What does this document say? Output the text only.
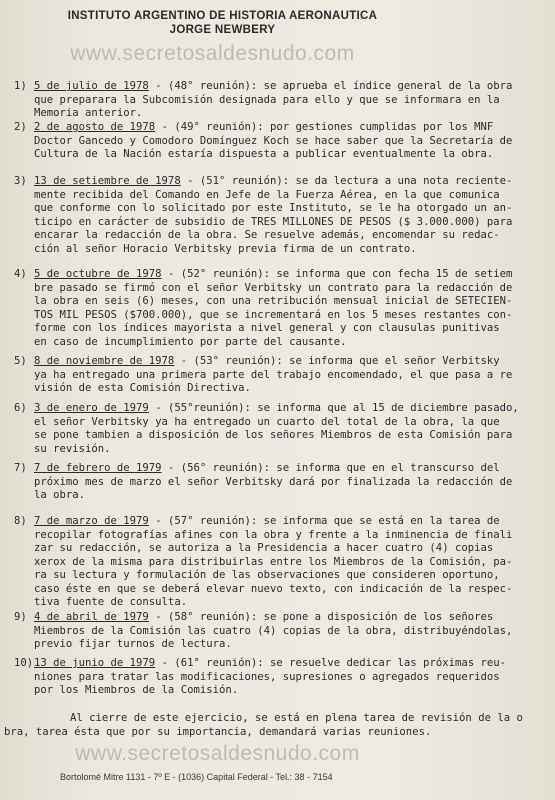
INSTITUTO ARGENTINO DE HISTORIA AERONAUTICA
JORGE NEWBERY
www.secretosaldesnudo.com
1) 5 de julio de 1978 - (48° reunión): se aprueba el índice general de la obra
que preparara la Subcomisión designada para ello y que se informara en la
Memoria anterior.
2) 2 de agosto de 1978 - (49° reunión): por gestiones cumplidas por los MNF
Doctor Gancedo y Comodoro Domínguez Koch se hace saber que la Secretaría de
Cultura de la Nación estaría dispuesta a publicar eventualmente la obra.
3) 13 de setiembre de 1978 - (51° reunión): se da lectura a una nota reciente-
mente recibida del Comando en Jefe de la Fuerza Aérea, en la que comunica
que conforme con lo solicitado por este Instituto, se le ha otorgado un an-
ticipo en carácter de subsidio de TRES MILLONES DE PESOS ($ 3.000.000) para
encarar la redacción de la obra. Se resuelve además, encomendar su redac-
ción al señor Horacio Verbitsky previa firma de un contrato.
4) 5 de octubre de 1978 - (52° reunión): se informa que con fecha 15 de setiem
bre pasado se firmó con el señor Verbitsky un contrato para la redacción de
la obra en seis (6) meses, con una retribución mensual inicial de SETECIEN-
TOS MIL PESOS ($700.000), que se incrementará en los 5 meses restantes con-
forme con los índices mayorista a nivel general y con clausulas punitivas
en caso de incumplimiento por parte del causante.
5) 8 de noviembre de 1978 - (53° reunión): se informa que el señor Verbitsky
ya ha entregado una primera parte del trabajo encomendado, el que pasa a re
visión de esta Comisión Directiva.
6) 3 de enero de 1979 - (55°reunión): se informa que al 15 de diciembre pasado,
el señor Verbitsky ya ha entregado un cuarto del total de la obra, la que
se pone tambien a disposición de los señores Miembros de esta Comisión para
su revisión.
7) 7 de febrero de 1979 - (56° reunión): se informa que en el transcurso del
próximo mes de marzo el señor Verbitsky dará por finalizada la redacción de
la obra.
8) 7 de marzo de 1979 - (57° reunión): se informa que se está en la tarea de
recopilar fotografías afines con la obra y frente a la inminencia de finali
zar su redacción, se autoriza a la Presidencia a hacer cuatro (4) copias
xerox de la misma para distribuirlas entre los Miembros de la Comisión, pa-
ra su lectura y formulación de las observaciones que consideren oportuno,
caso éste en que se deberá elevar nuevo texto, con indicación de la respec-
tiva fuente de consulta.
9) 4 de abril de 1979 - (58° reunión): se pone a disposición de los señores
Miembros de la Comisión las cuatro (4) copias de la obra, distribuyéndolas,
previo fijar turnos de lectura.
10) 13 de junio de 1979 - (61° reunión): se resuelve dedicar las próximas reu-
niones para tratar las modificaciones, supresiones o agregados requeridos
por los Miembros de la Comisión.
Al cierre de este ejercicio, se está en plena tarea de revisión de la o
bra, tarea ésta que por su importancia, demandará varias reuniones.
www.secretosaldesnudo.com
Bortolomé Mitre 1131 - 7º E - (1036) Capital Federal - Tel.: 38 - 7154
